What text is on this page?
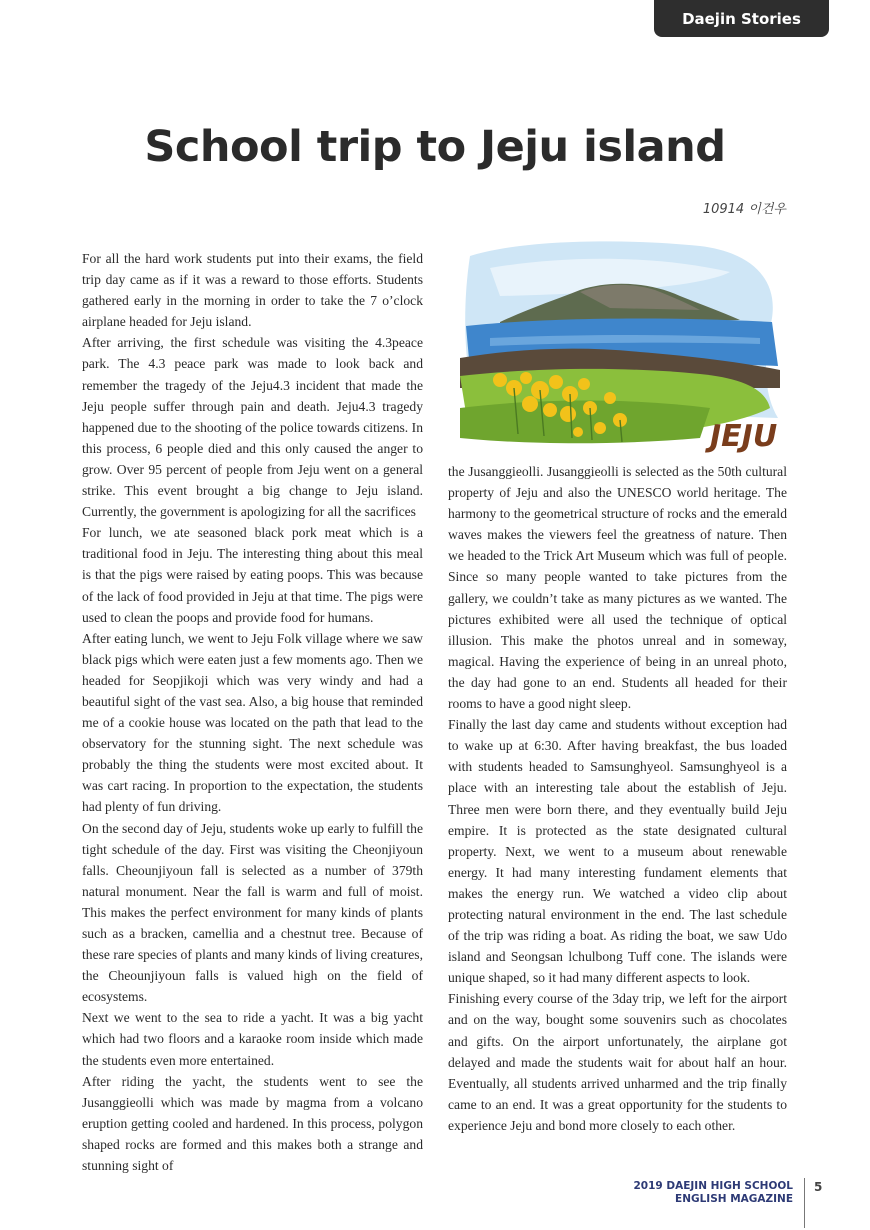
Daejin Stories
School trip to Jeju island
10914 이건우

For all the hard work students put into their exams, the field trip day came as if it was a reward to those efforts. Students gathered early in the morning in order to take the 7 o’clock airplane headed for Jeju island.

After arriving, the first schedule was visiting the 4.3peace park. The 4.3 peace park was made to look back and remember the tragedy of the Jeju4.3 incident that made the Jeju people suffer through pain and death. Jeju4.3 tragedy happened due to the shooting of the police towards citizens. In this process, 6 people died and this only caused the anger to grow. Over 95 percent of people from Jeju went on a general strike. This event brought a big change to Jeju island. Currently, the government is apologizing for all the sacrifices

For lunch, we ate seasoned black pork meat which is a traditional food in Jeju. The interesting thing about this meal is that the pigs were raised by eating poops. This was because of the lack of food provided in Jeju at that time. The pigs were used to clean the poops and provide food for humans.

After eating lunch, we went to Jeju Folk village where we saw black pigs which were eaten just a few moments ago. Then we headed for Seopjikoji which was very windy and had a beautiful sight of the vast sea. Also, a big house that reminded me of a cookie house was located on the path that lead to the observatory for the stunning sight. The next schedule was probably the thing the students were most excited about. It was cart racing. In proportion to the expectation, the students had plenty of fun driving.

On the second day of Jeju, students woke up early to fulfill the tight schedule of the day. First was visiting the Cheonjiyoun falls. Cheounjiyoun fall is selected as a number of 379th natural monument. Near the fall is warm and full of moist. This makes the perfect environment for many kinds of plants such as a bracken, camellia and a chestnut tree. Because of these rare species of plants and many kinds of living creatures, the Cheounjiyoun falls is valued high on the field of ecosystems.

Next we went to the sea to ride a yacht. It was a big yacht which had two floors and a karaoke room inside which made the students even more entertained.

After riding the yacht, the students went to see the Jusanggieolli which was made by magma from a volcano eruption getting cooled and hardened. In this process, polygon shaped rocks are formed and this makes both a strange and stunning sight of

JEJU

the Jusanggieolli. Jusanggieolli is selected as the 50th cultural property of Jeju and also the UNESCO world heritage. The harmony to the geometrical structure of rocks and the emerald waves makes the viewers feel the greatness of nature. Then we headed to the Trick Art Museum which was full of people. Since so many people wanted to take pictures from the gallery, we couldn’t take as many pictures as we wanted. The pictures exhibited were all used the technique of optical illusion. This make the photos unreal and in someway, magical. Having the experience of being in an unreal photo, the day had gone to an end. Students all headed for their rooms to have a good night sleep.

Finally the last day came and students without exception had to wake up at 6:30. After having breakfast, the bus loaded with students headed to Samsunghyeol. Samsunghyeol is a place with an interesting tale about the establish of Jeju. Three men were born there, and they eventually build Jeju empire. It is protected as the state designated cultural property. Next, we went to a museum about renewable energy. It had many interesting fundament elements that makes the energy run. We watched a video clip about protecting natural environment in the end. The last schedule of the trip was riding a boat. As riding the boat, we saw Udo island and Seongsan lchulbong Tuff cone. The islands were unique shaped, so it had many different aspects to look.

Finishing every course of the 3day trip, we left for the airport and on the way, bought some souvenirs such as chocolates and gifts. On the airport unfortunately, the airplane got delayed and made the students wait for about half an hour. Eventually, all students arrived unharmed and the trip finally came to an end. It was a great opportunity for the students to experience Jeju and bond more closely to each other.

2019 DAEJIN HIGH SCHOOL
ENGLISH MAGAZINE
5
